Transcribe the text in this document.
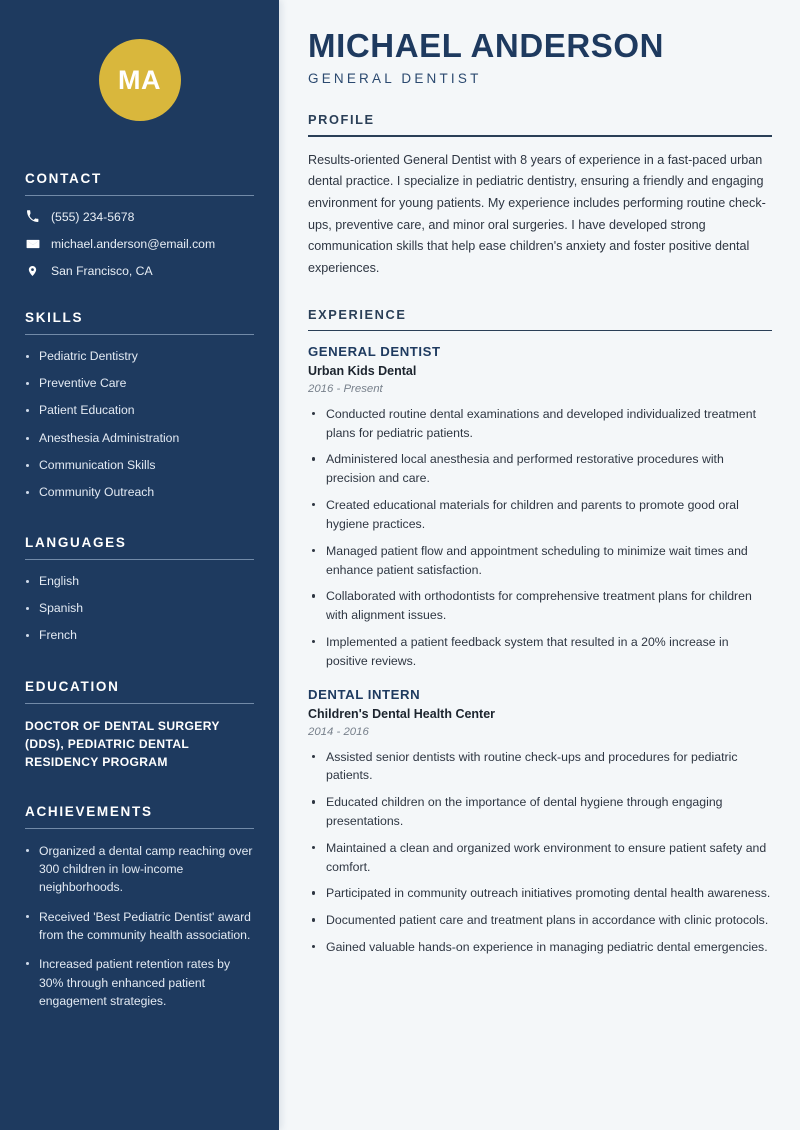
MA
CONTACT
(555) 234-5678
michael.anderson@email.com
San Francisco, CA
SKILLS
Pediatric Dentistry
Preventive Care
Patient Education
Anesthesia Administration
Communication Skills
Community Outreach
LANGUAGES
English
Spanish
French
EDUCATION
DOCTOR OF DENTAL SURGERY (DDS), PEDIATRIC DENTAL RESIDENCY PROGRAM
ACHIEVEMENTS
Organized a dental camp reaching over 300 children in low-income neighborhoods.
Received 'Best Pediatric Dentist' award from the community health association.
Increased patient retention rates by 30% through enhanced patient engagement strategies.
MICHAEL ANDERSON
GENERAL DENTIST
PROFILE

Results-oriented General Dentist with 8 years of experience in a fast-paced urban dental practice. I specialize in pediatric dentistry, ensuring a friendly and engaging environment for young patients. My experience includes performing routine check-ups, preventive care, and minor oral surgeries. I have developed strong communication skills that help ease children's anxiety and foster positive dental experiences.

EXPERIENCE
GENERAL DENTIST
Urban Kids Dental
2016 - Present
Conducted routine dental examinations and developed individualized treatment plans for pediatric patients.
Administered local anesthesia and performed restorative procedures with precision and care.
Created educational materials for children and parents to promote good oral hygiene practices.
Managed patient flow and appointment scheduling to minimize wait times and enhance patient satisfaction.
Collaborated with orthodontists for comprehensive treatment plans for children with alignment issues.
Implemented a patient feedback system that resulted in a 20% increase in positive reviews.
DENTAL INTERN
Children's Dental Health Center
2014 - 2016
Assisted senior dentists with routine check-ups and procedures for pediatric patients.
Educated children on the importance of dental hygiene through engaging presentations.
Maintained a clean and organized work environment to ensure patient safety and comfort.
Participated in community outreach initiatives promoting dental health awareness.
Documented patient care and treatment plans in accordance with clinic protocols.
Gained valuable hands-on experience in managing pediatric dental emergencies.
